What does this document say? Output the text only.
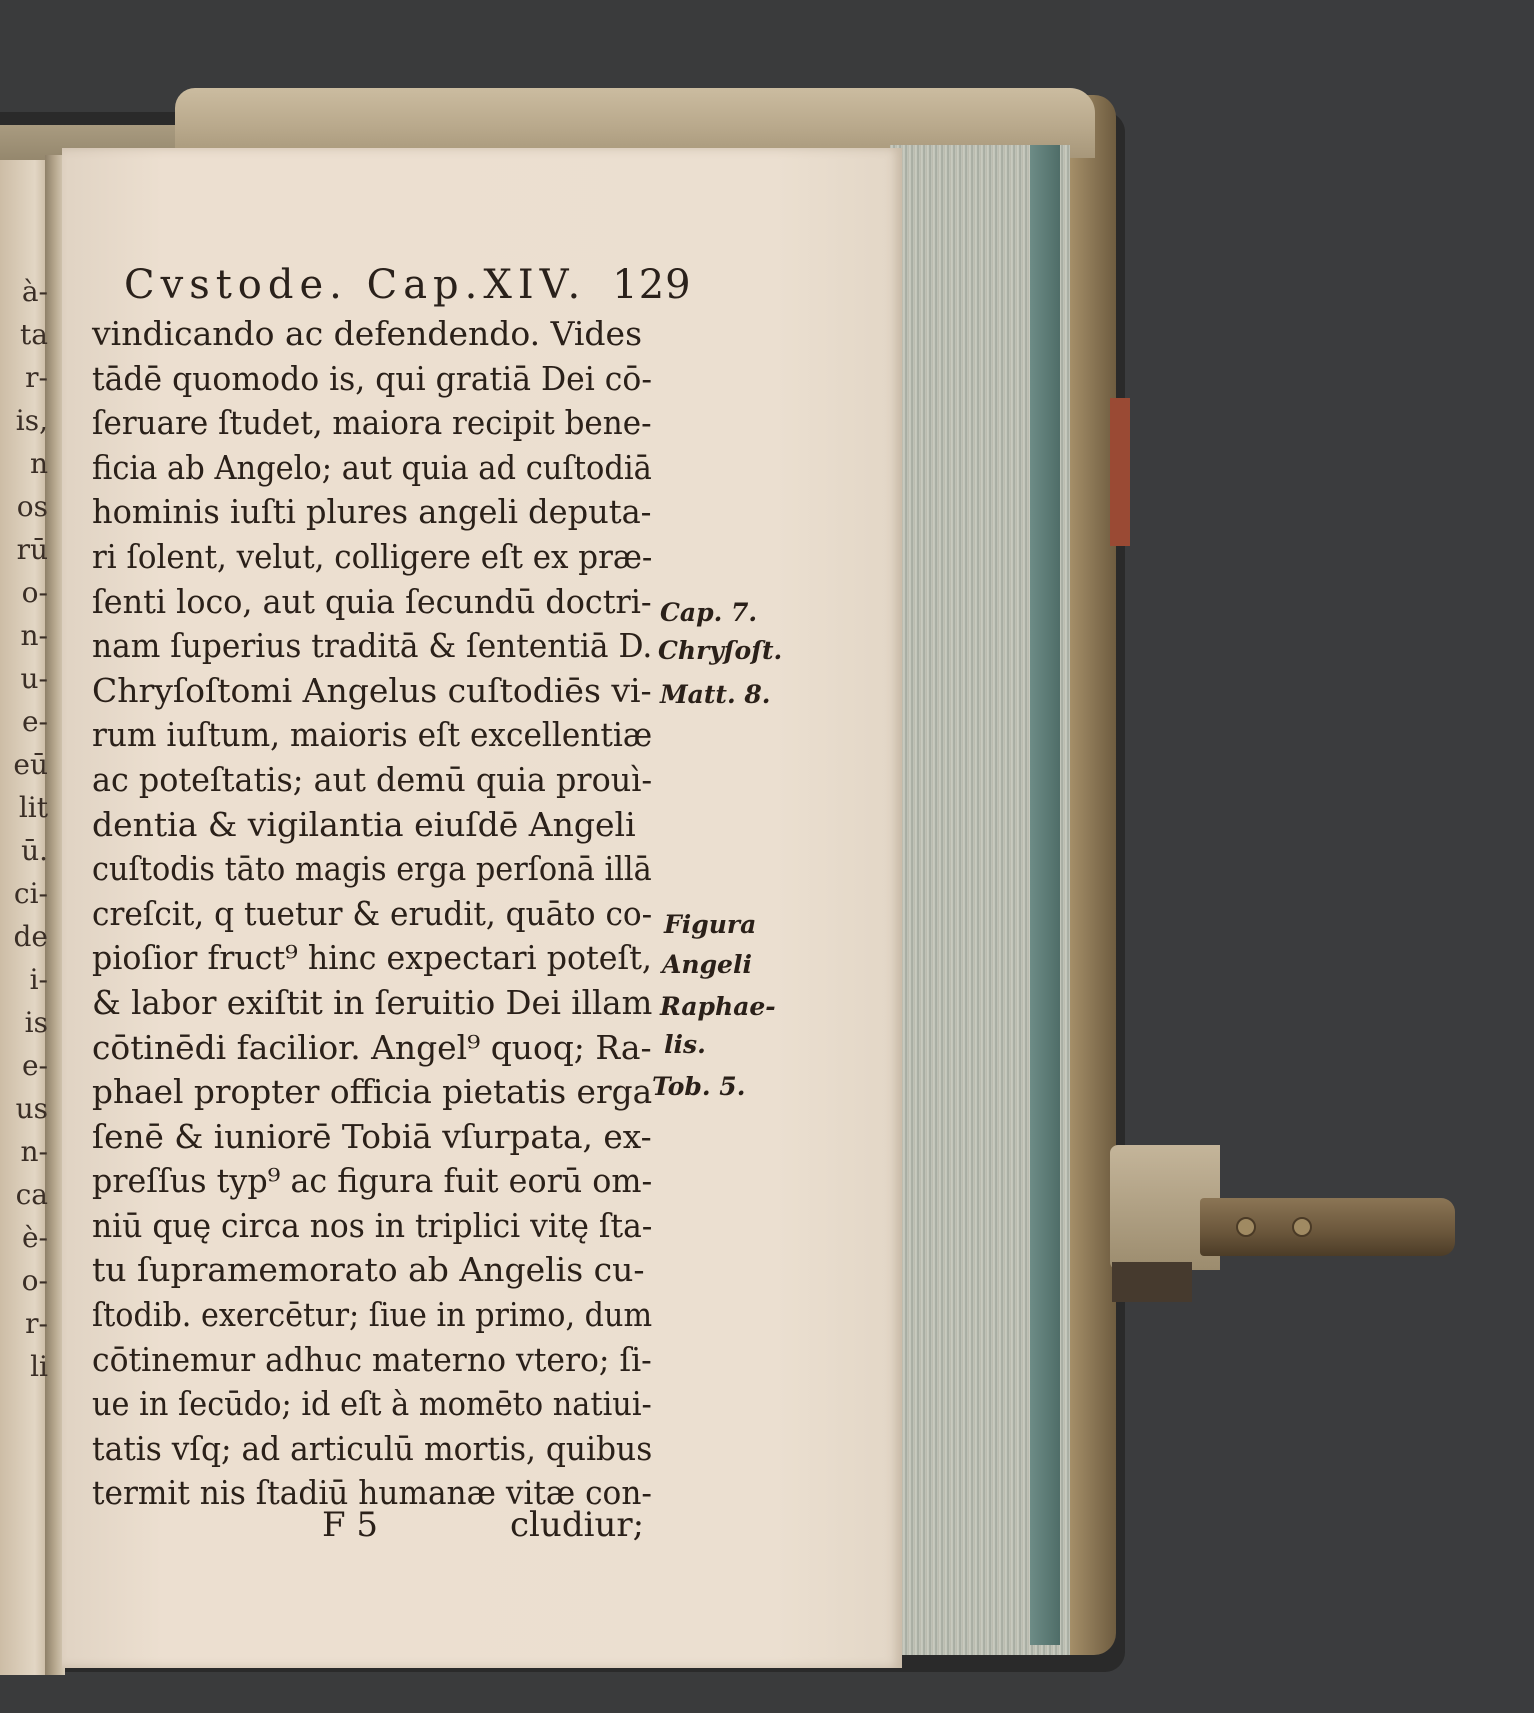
à-
ta
r-
is,
n
os
rū
o-
n-
u-
e-
eū
lit
ū.
ci-
de
i-
is
e-
us
n-
ca
è-
o-
r-
li
Cvstode. Cap.XIV. 129
vindicando ac defendendo. Vides
tādē quomodo is, qui gratiā Dei cō-
ſeruare ſtudet, maiora recipit bene-
ficia ab Angelo; aut quia ad cuſtodiā
hominis iuſti plures angeli deputa-
ri ſolent, velut, colligere eſt ex præ-
ſenti loco, aut quia ſecundū doctri-
nam ſuperius traditā & ſententiā D.
Chryſoſtomi Angelus cuſtodiēs vi-
rum iuſtum, maioris eſt excellentiæ
ac poteſtatis; aut demū quia prouì-
dentia & vigilantia eiuſdē Angeli
cuſtodis tāto magis erga perſonā illā
creſcit, q tuetur & erudit, quāto co-
pioſior fruct⁹ hinc expectari poteſt,
& labor exiſtit in ſeruitio Dei illam
cōtinēdi facilior. Angel⁹ quoq; Ra-
phael propter officia pietatis erga
ſenē & iuniorē Tobiā vſurpata, ex-
preſſus typ⁹ ac figura fuit eorū om-
niū quę circa nos in triplici vitę ſta-
tu ſupramemorato ab Angelis cu-
ſtodib. exercētur; ſiue in primo, dum
cōtinemur adhuc materno vtero; ſi-
ue in ſecūdo; id eſt à momēto natiui-
tatis vſq; ad articulū mortis, quibus
termit nis ſtadiū humanæ vitæ con-
F 5	cludiur;
Cap. 7.
Chryſoſt.
Matt. 8.
Figura
Angeli
Raphae-
lis.
Tob. 5.
